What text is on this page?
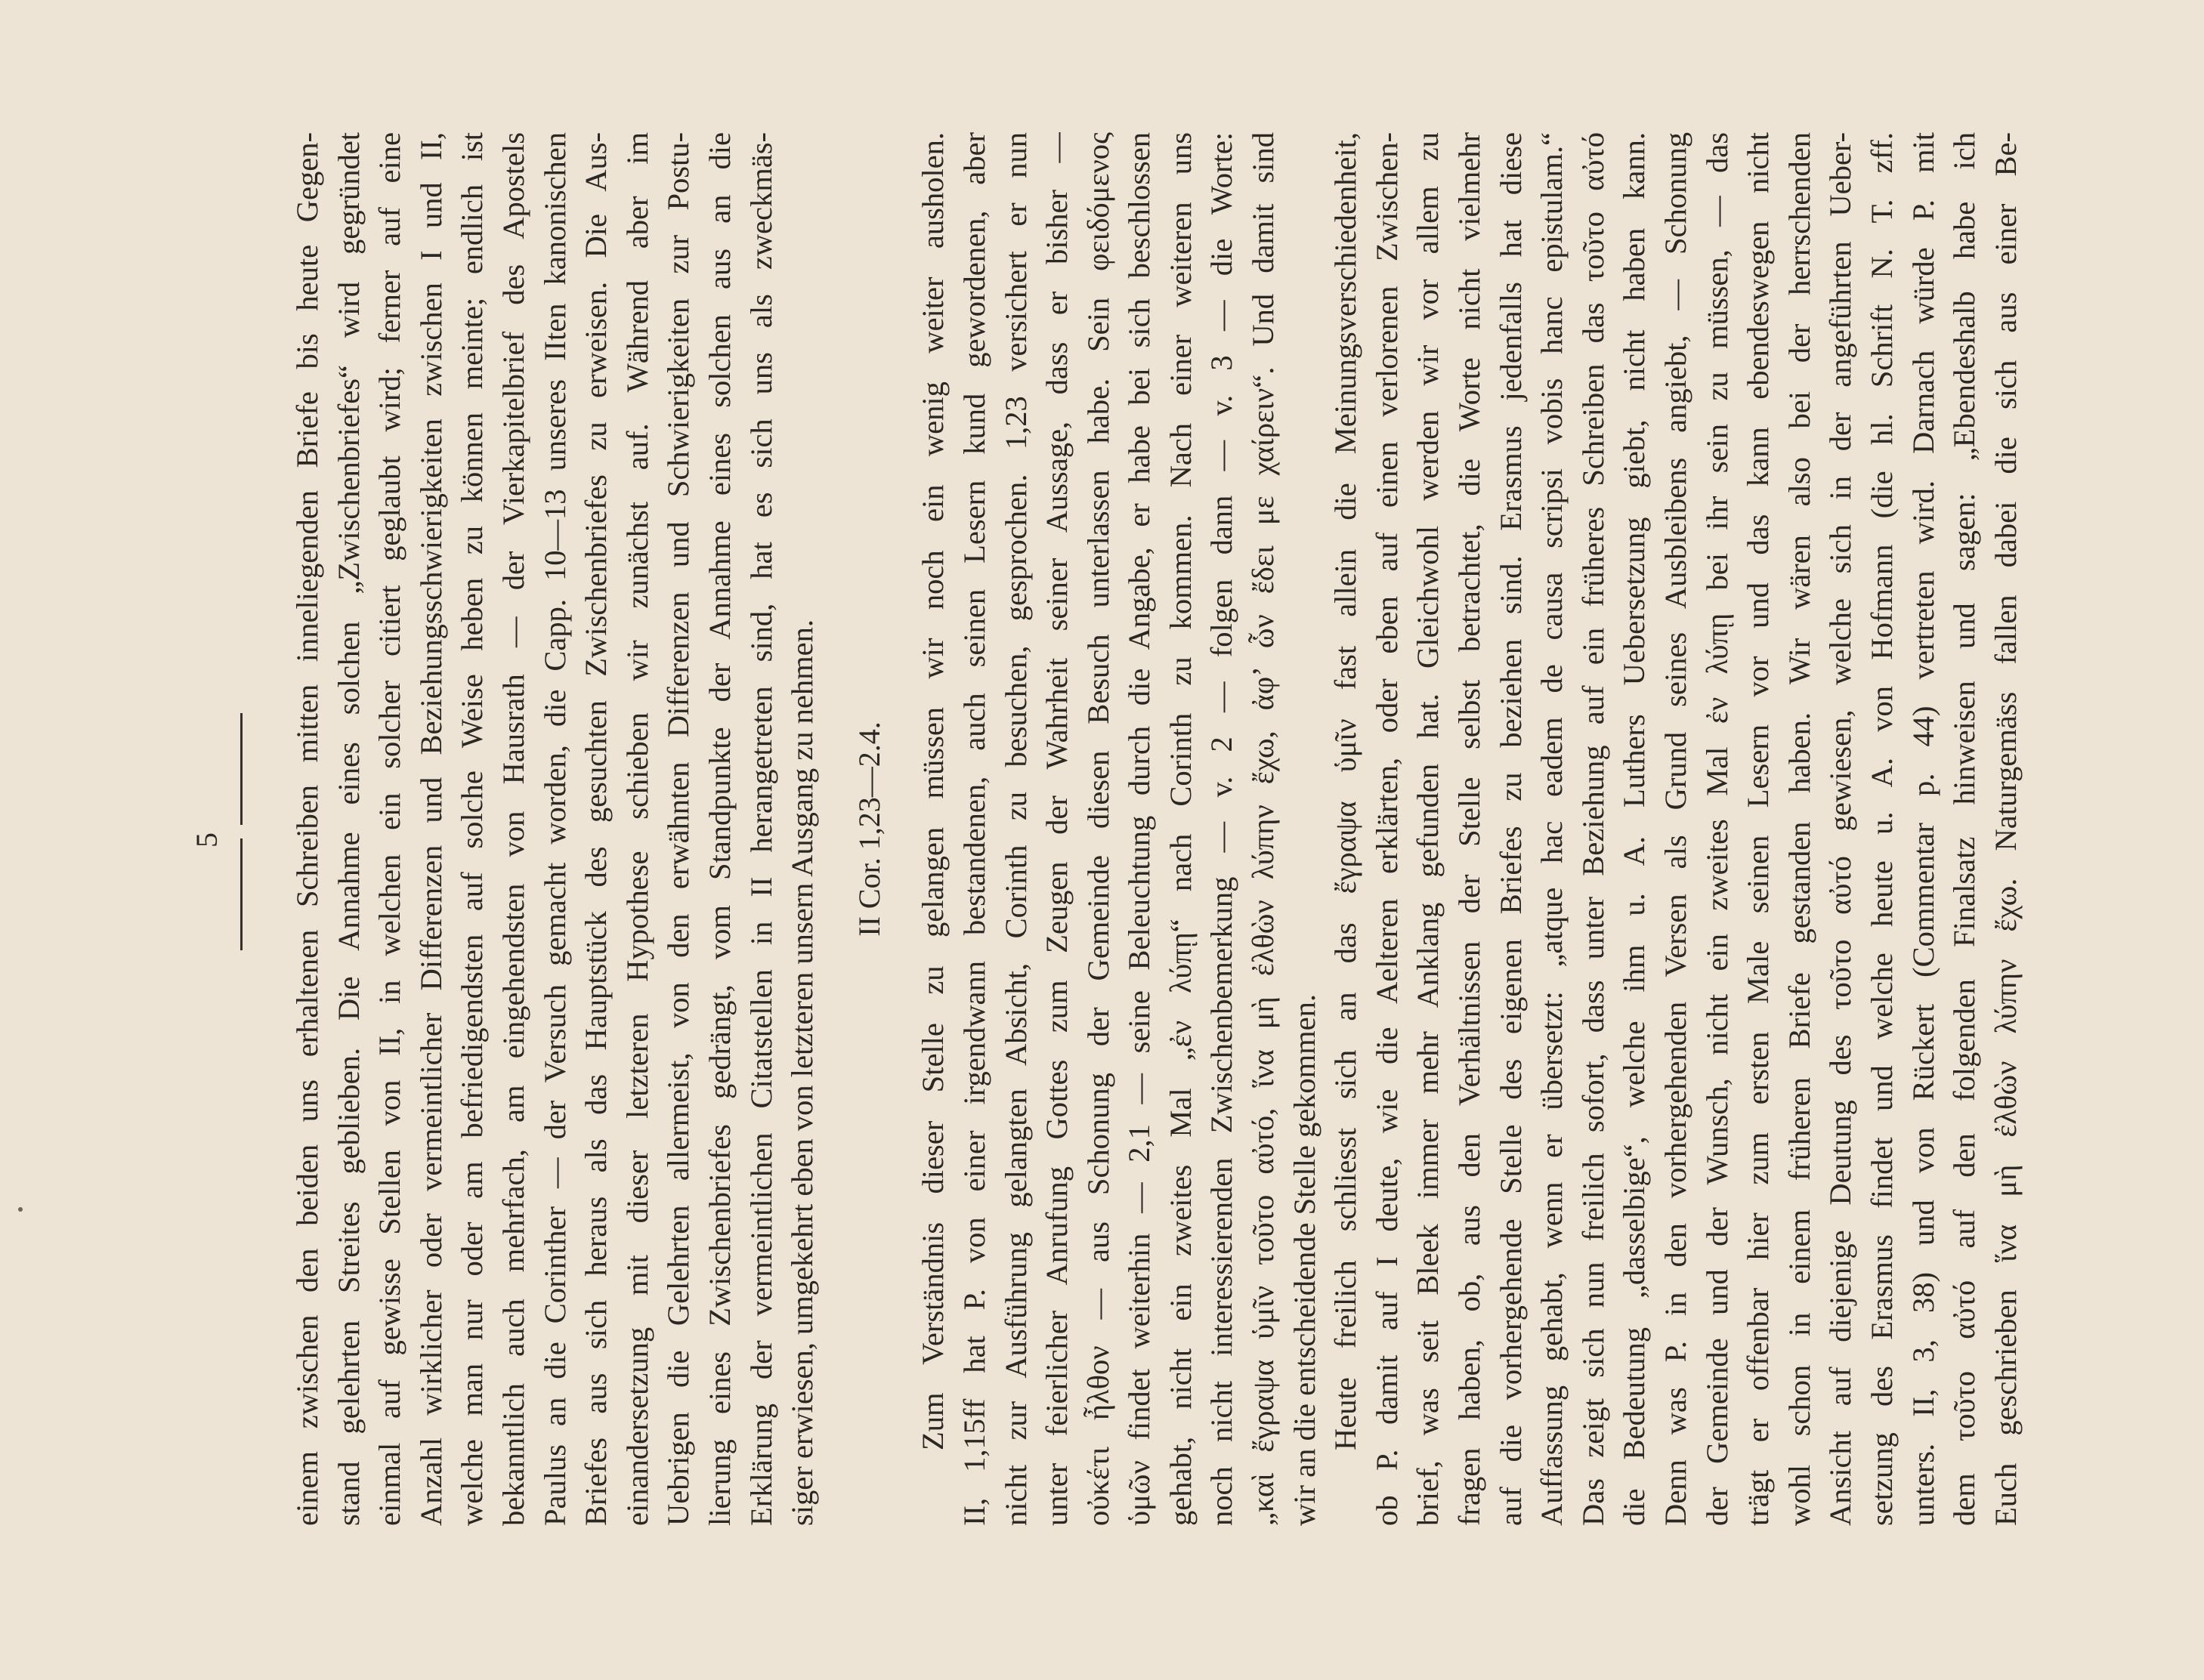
5 einem zwischen den beiden uns erhaltenen Schreiben mitten inneliegenden Briefe bis heute Gegen- stand gelehrten Streites geblieben. Die Annahme eines solchen „Zwischenbriefes“ wird gegründet einmal auf gewisse Stellen von II, in welchen ein solcher citiert geglaubt wird; ferner auf eine Anzahl wirklicher oder vermeintlicher Differenzen und Beziehungsschwierigkeiten zwischen I und II, welche man nur oder am befriedigendsten auf solche Weise heben zu können meinte; endlich ist bekanntlich auch mehrfach, am eingehendsten von Hausrath — der Vierkapitelbrief des Apostels Paulus an die Corinther — der Versuch gemacht worden, die Capp. 10—13 unseres IIten kanonischen Briefes aus sich heraus als das Hauptstück des gesuchten Zwischenbriefes zu erweisen. Die Aus- einandersetzung mit dieser letzteren Hypothese schieben wir zunächst auf. Während aber im Uebrigen die Gelehrten allermeist, von den erwähnten Differenzen und Schwierigkeiten zur Postu- lierung eines Zwischenbriefes gedrängt, vom Standpunkte der Annahme eines solchen aus an die Erklärung der vermeintlichen Citatstellen in II herangetreten sind, hat es sich uns als zweckmäs- siger erwiesen, umgekehrt eben von letzteren unsern Ausgang zu nehmen. II Cor. 1,23—2.4. Zum Verständnis dieser Stelle zu gelangen müssen wir noch ein wenig weiter ausholen. II, 1,15ff hat P. von einer irgendwann bestandenen, auch seinen Lesern kund gewordenen, aber nicht zur Ausführung gelangten Absicht, Corinth zu besuchen, gesprochen. 1,23 versichert er nun unter feierlicher Anrufung Gottes zum Zeugen der Wahrheit seiner Aussage, dass er bisher — οὐκέτι ἦλθον — aus Schonung der Gemeinde diesen Besuch unterlassen habe. Sein φειδόμενος ὑμῶν findet weiterhin — 2,1 — seine Beleuchtung durch die Angabe, er habe bei sich beschlossen gehabt, nicht ein zweites Mal „ἐν λύπῃ“ nach Corinth zu kommen. Nach einer weiteren uns noch nicht interessierenden Zwischenbemerkung — v. 2 — folgen dann — v. 3 — die Worte: „καὶ ἔγραψα ὑμῖν τοῦτο αὐτό, ἵνα μὴ ἐλθὼν λύπην ἔχω, ἀφ’ ὧν ἔδει με χαίρειν“. Und damit sind wir an die entscheidende Stelle gekommen. Heute freilich schliesst sich an das ἔγραψα ὑμῖν fast allein die Meinungsverschiedenheit, ob P. damit auf I deute, wie die Aelteren erklärten, oder eben auf einen verlorenen Zwischen- brief, was seit Bleek immer mehr Anklang gefunden hat. Gleichwohl werden wir vor allem zu fragen haben, ob, aus den Verhältnissen der Stelle selbst betrachtet, die Worte nicht vielmehr auf die vorhergehende Stelle des eigenen Briefes zu beziehen sind. Erasmus jedenfalls hat diese Auffassung gehabt, wenn er übersetzt: „atque hac eadem de causa scripsi vobis hanc epistulam.“ Das zeigt sich nun freilich sofort, dass unter Beziehung auf ein früheres Schreiben das τοῦτο αὐτό die Bedeutung „dasselbige“, welche ihm u. A. Luthers Uebersetzung giebt, nicht haben kann. Denn was P. in den vorhergehenden Versen als Grund seines Ausbleibens angiebt, — Schonung der Gemeinde und der Wunsch, nicht ein zweites Mal ἐν λύπῃ bei ihr sein zu müssen, — das trägt er offenbar hier zum ersten Male seinen Lesern vor und das kann ebendeswegen nicht wohl schon in einem früheren Briefe gestanden haben. Wir wären also bei der herrschenden Ansicht auf diejenige Deutung des τοῦτο αὐτό gewiesen, welche sich in der angeführten Ueber- setzung des Erasmus findet und welche heute u. A. von Hofmann (die hl. Schrift N. T. zff. unters. II, 3, 38) und von Rückert (Commentar p. 44) vertreten wird. Darnach würde P. mit dem τοῦτο αὐτό auf den folgenden Finalsatz hinweisen und sagen: „Ebendeshalb habe ich Euch geschrieben ἵνα μὴ ἐλθὼν λύπην ἔχω. Naturgemäss fallen dabei die sich aus einer Be-
